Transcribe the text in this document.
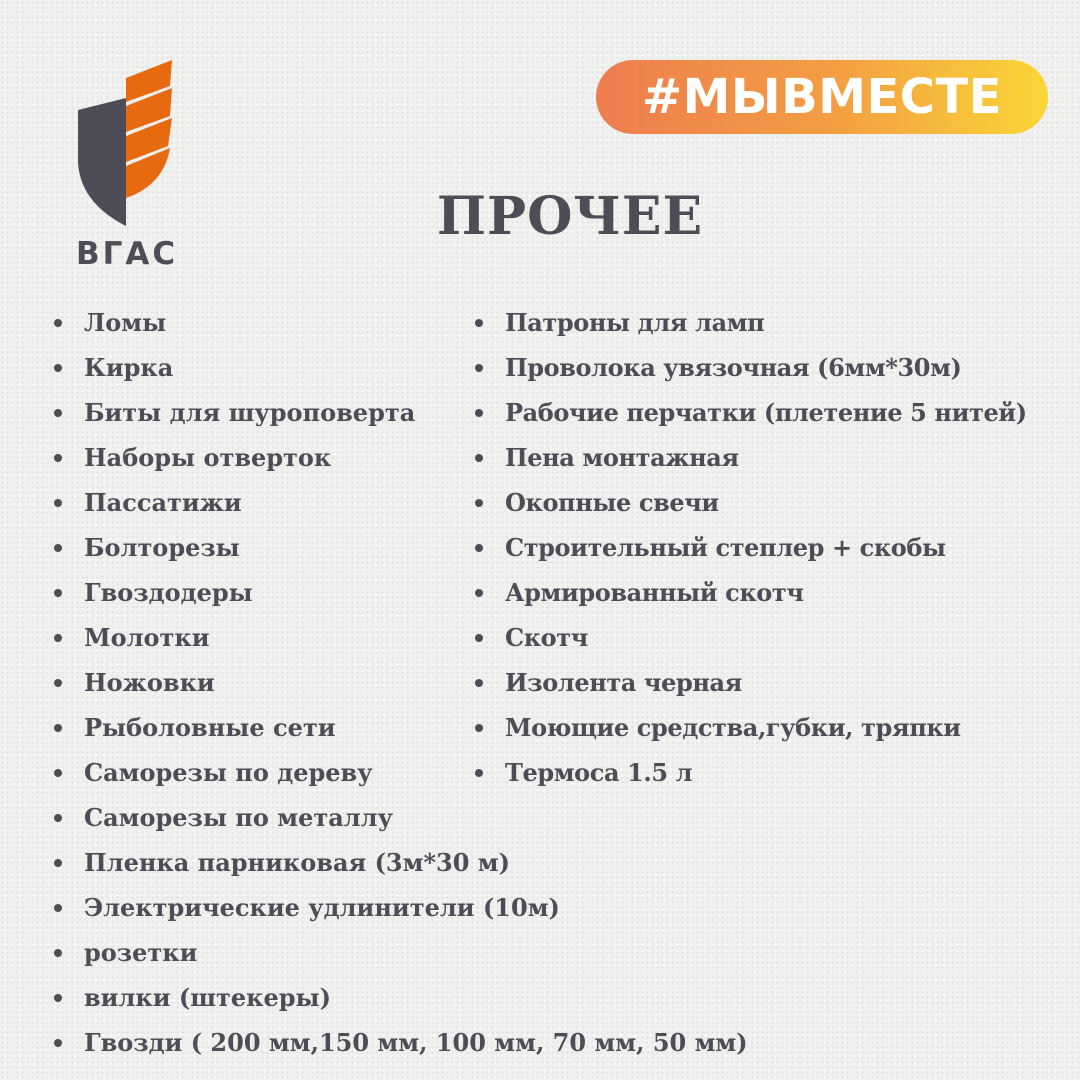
ВГАС
#МЫВМЕСТЕ
ПРОЧЕЕ
Ломы
Кирка
Биты для шуроповерта
Наборы отверток
Пассатижи
Болторезы
Гвоздодеры
Молотки
Ножовки
Рыболовные сети
Саморезы по дереву
Саморезы по металлу
Пленка парниковая (3м*30 м)
Электрические удлинители (10м)
розетки
вилки (штекеры)
Гвозди ( 200 мм,150 мм, 100 мм, 70 мм, 50 мм)
Патроны для ламп
Проволока увязочная (6мм*30м)
Рабочие перчатки (плетение 5 нитей)
Пена монтажная
Окопные свечи
Строительный степлер + скобы
Армированный скотч
Скотч
Изолента черная
Моющие средства,губки, тряпки
Термоса 1.5 л
